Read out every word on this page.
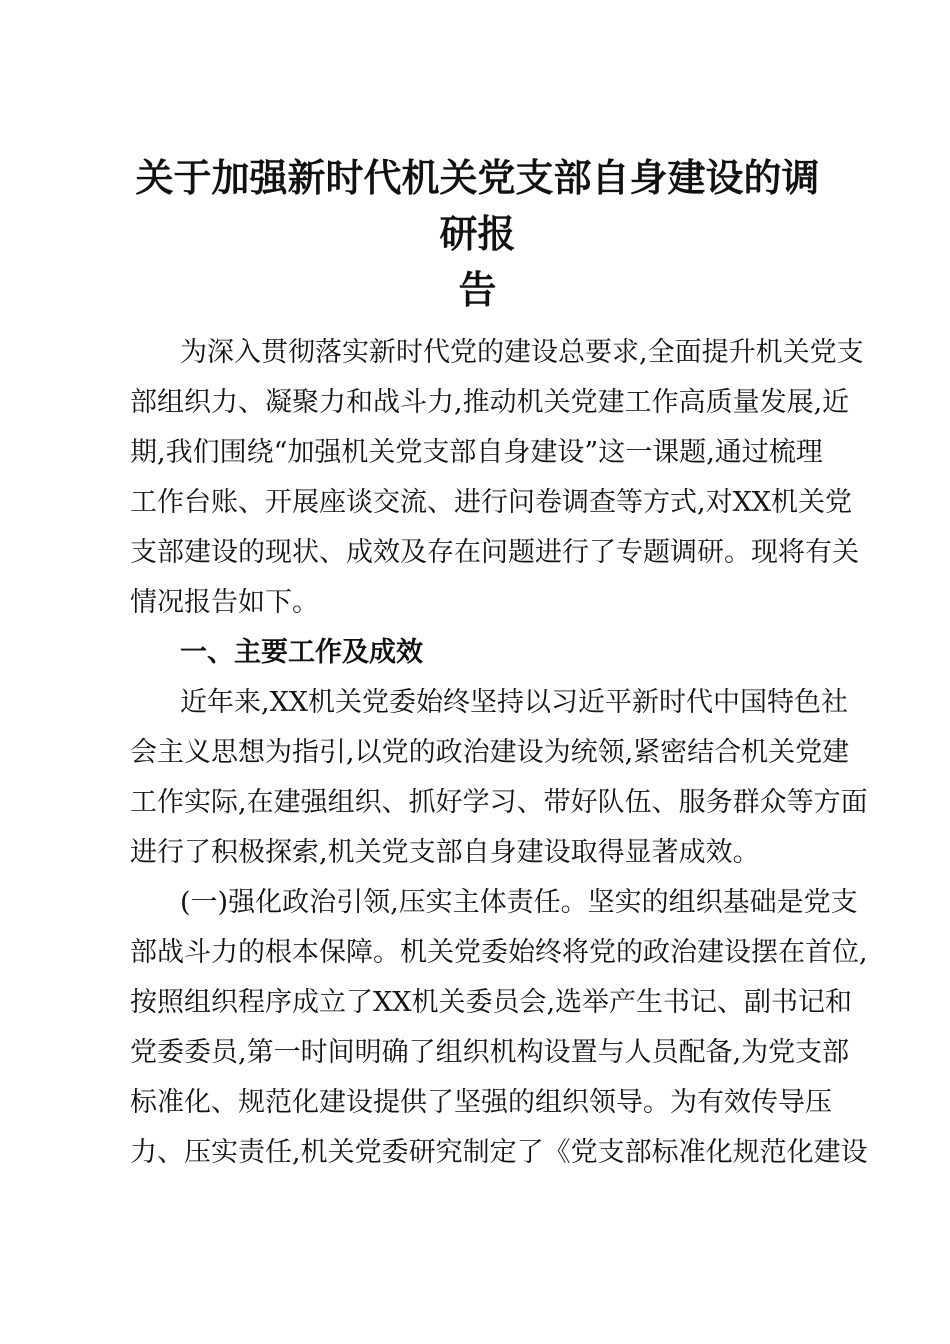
关于加强新时代机关党支部自身建设的调研报
告

为深入贯彻落实新时代党的建设总要求,全面提升机关党支

部组织力、凝聚力和战斗力,推动机关党建工作高质量发展,近

期,我们围绕“加强机关党支部自身建设”这一课题,通过梳理

工作台账、开展座谈交流、进行问卷调查等方式,对XX机关党

支部建设的现状、成效及存在问题进行了专题调研。现将有关

情况报告如下。

一、主要工作及成效

近年来,XX机关党委始终坚持以习近平新时代中国特色社

会主义思想为指引,以党的政治建设为统领,紧密结合机关党建

工作实际,在建强组织、抓好学习、带好队伍、服务群众等方面

进行了积极探索,机关党支部自身建设取得显著成效。

(一)强化政治引领,压实主体责任。坚实的组织基础是党支

部战斗力的根本保障。机关党委始终将党的政治建设摆在首位,

按照组织程序成立了XX机关委员会,选举产生书记、副书记和

党委委员,第一时间明确了组织机构设置与人员配备,为党支部

标准化、规范化建设提供了坚强的组织领导。为有效传导压

力、压实责任,机关党委研究制定了《党支部标准化规范化建设
